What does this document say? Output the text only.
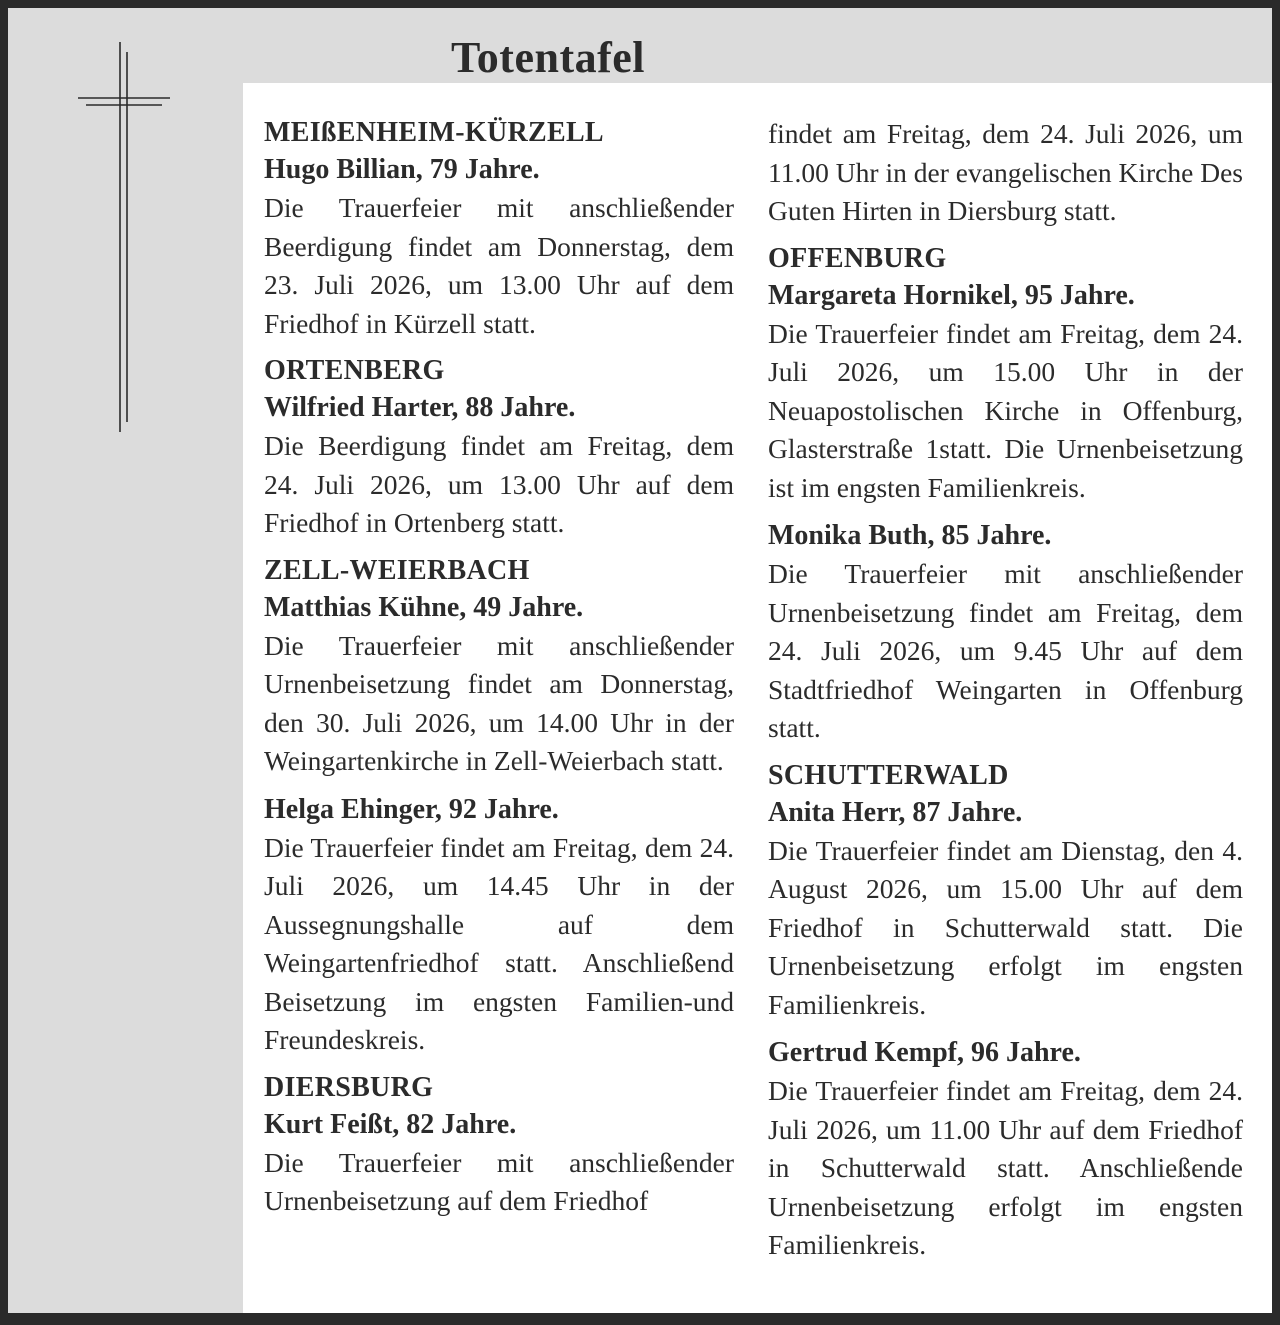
Totentafel

MEIßENHEIM-KÜRZELL

Hugo Billian, 79 Jahre.

Die Trauerfeier mit anschließender Beerdigung findet am Donnerstag, dem 23. Juli 2026, um 13.00 Uhr auf dem Friedhof in Kürzell statt.

ORTENBERG

Wilfried Harter, 88 Jahre.

Die Beerdigung findet am Freitag, dem 24. Juli 2026, um 13.00 Uhr auf dem Friedhof in Ortenberg statt.

ZELL-WEIERBACH

Matthias Kühne, 49 Jahre.

Die Trauerfeier mit anschließender Urnenbeisetzung findet am Donnerstag, den 30. Juli 2026, um 14.00 Uhr in der Weingartenkirche in Zell-Weierbach statt.

Helga Ehinger, 92 Jahre.

Die Trauerfeier findet am Freitag, dem 24. Juli 2026, um 14.45 Uhr in der Aussegnungshalle auf dem Weingartenfriedhof statt. Anschließend Beisetzung im engsten Familien-und Freundeskreis.

DIERSBURG

Kurt Feißt, 82 Jahre.

Die Trauerfeier mit anschließender Urnenbeisetzung auf dem Friedhof

findet am Freitag, dem 24. Juli 2026, um 11.00 Uhr in der evangelischen Kirche Des Guten Hirten in Diersburg statt.

OFFENBURG

Margareta Hornikel, 95 Jahre.

Die Trauerfeier findet am Freitag, dem 24. Juli 2026, um 15.00 Uhr in der Neuapostolischen Kirche in Offenburg, Glasterstraße 1statt. Die Urnenbeisetzung ist im engsten Familienkreis.

Monika Buth, 85 Jahre.

Die Trauerfeier mit anschließender Urnenbeisetzung findet am Freitag, dem 24. Juli 2026, um 9.45 Uhr auf dem Stadtfriedhof Weingarten in Offenburg statt.

SCHUTTERWALD

Anita Herr, 87 Jahre.

Die Trauerfeier findet am Dienstag, den 4. August 2026, um 15.00 Uhr auf dem Friedhof in Schutterwald statt. Die Urnenbeisetzung erfolgt im engsten Familienkreis.

Gertrud Kempf, 96 Jahre.

Die Trauerfeier findet am Freitag, dem 24. Juli 2026, um 11.00 Uhr auf dem Friedhof in Schutterwald statt. Anschließende Urnenbeisetzung erfolgt im engsten Familienkreis.
